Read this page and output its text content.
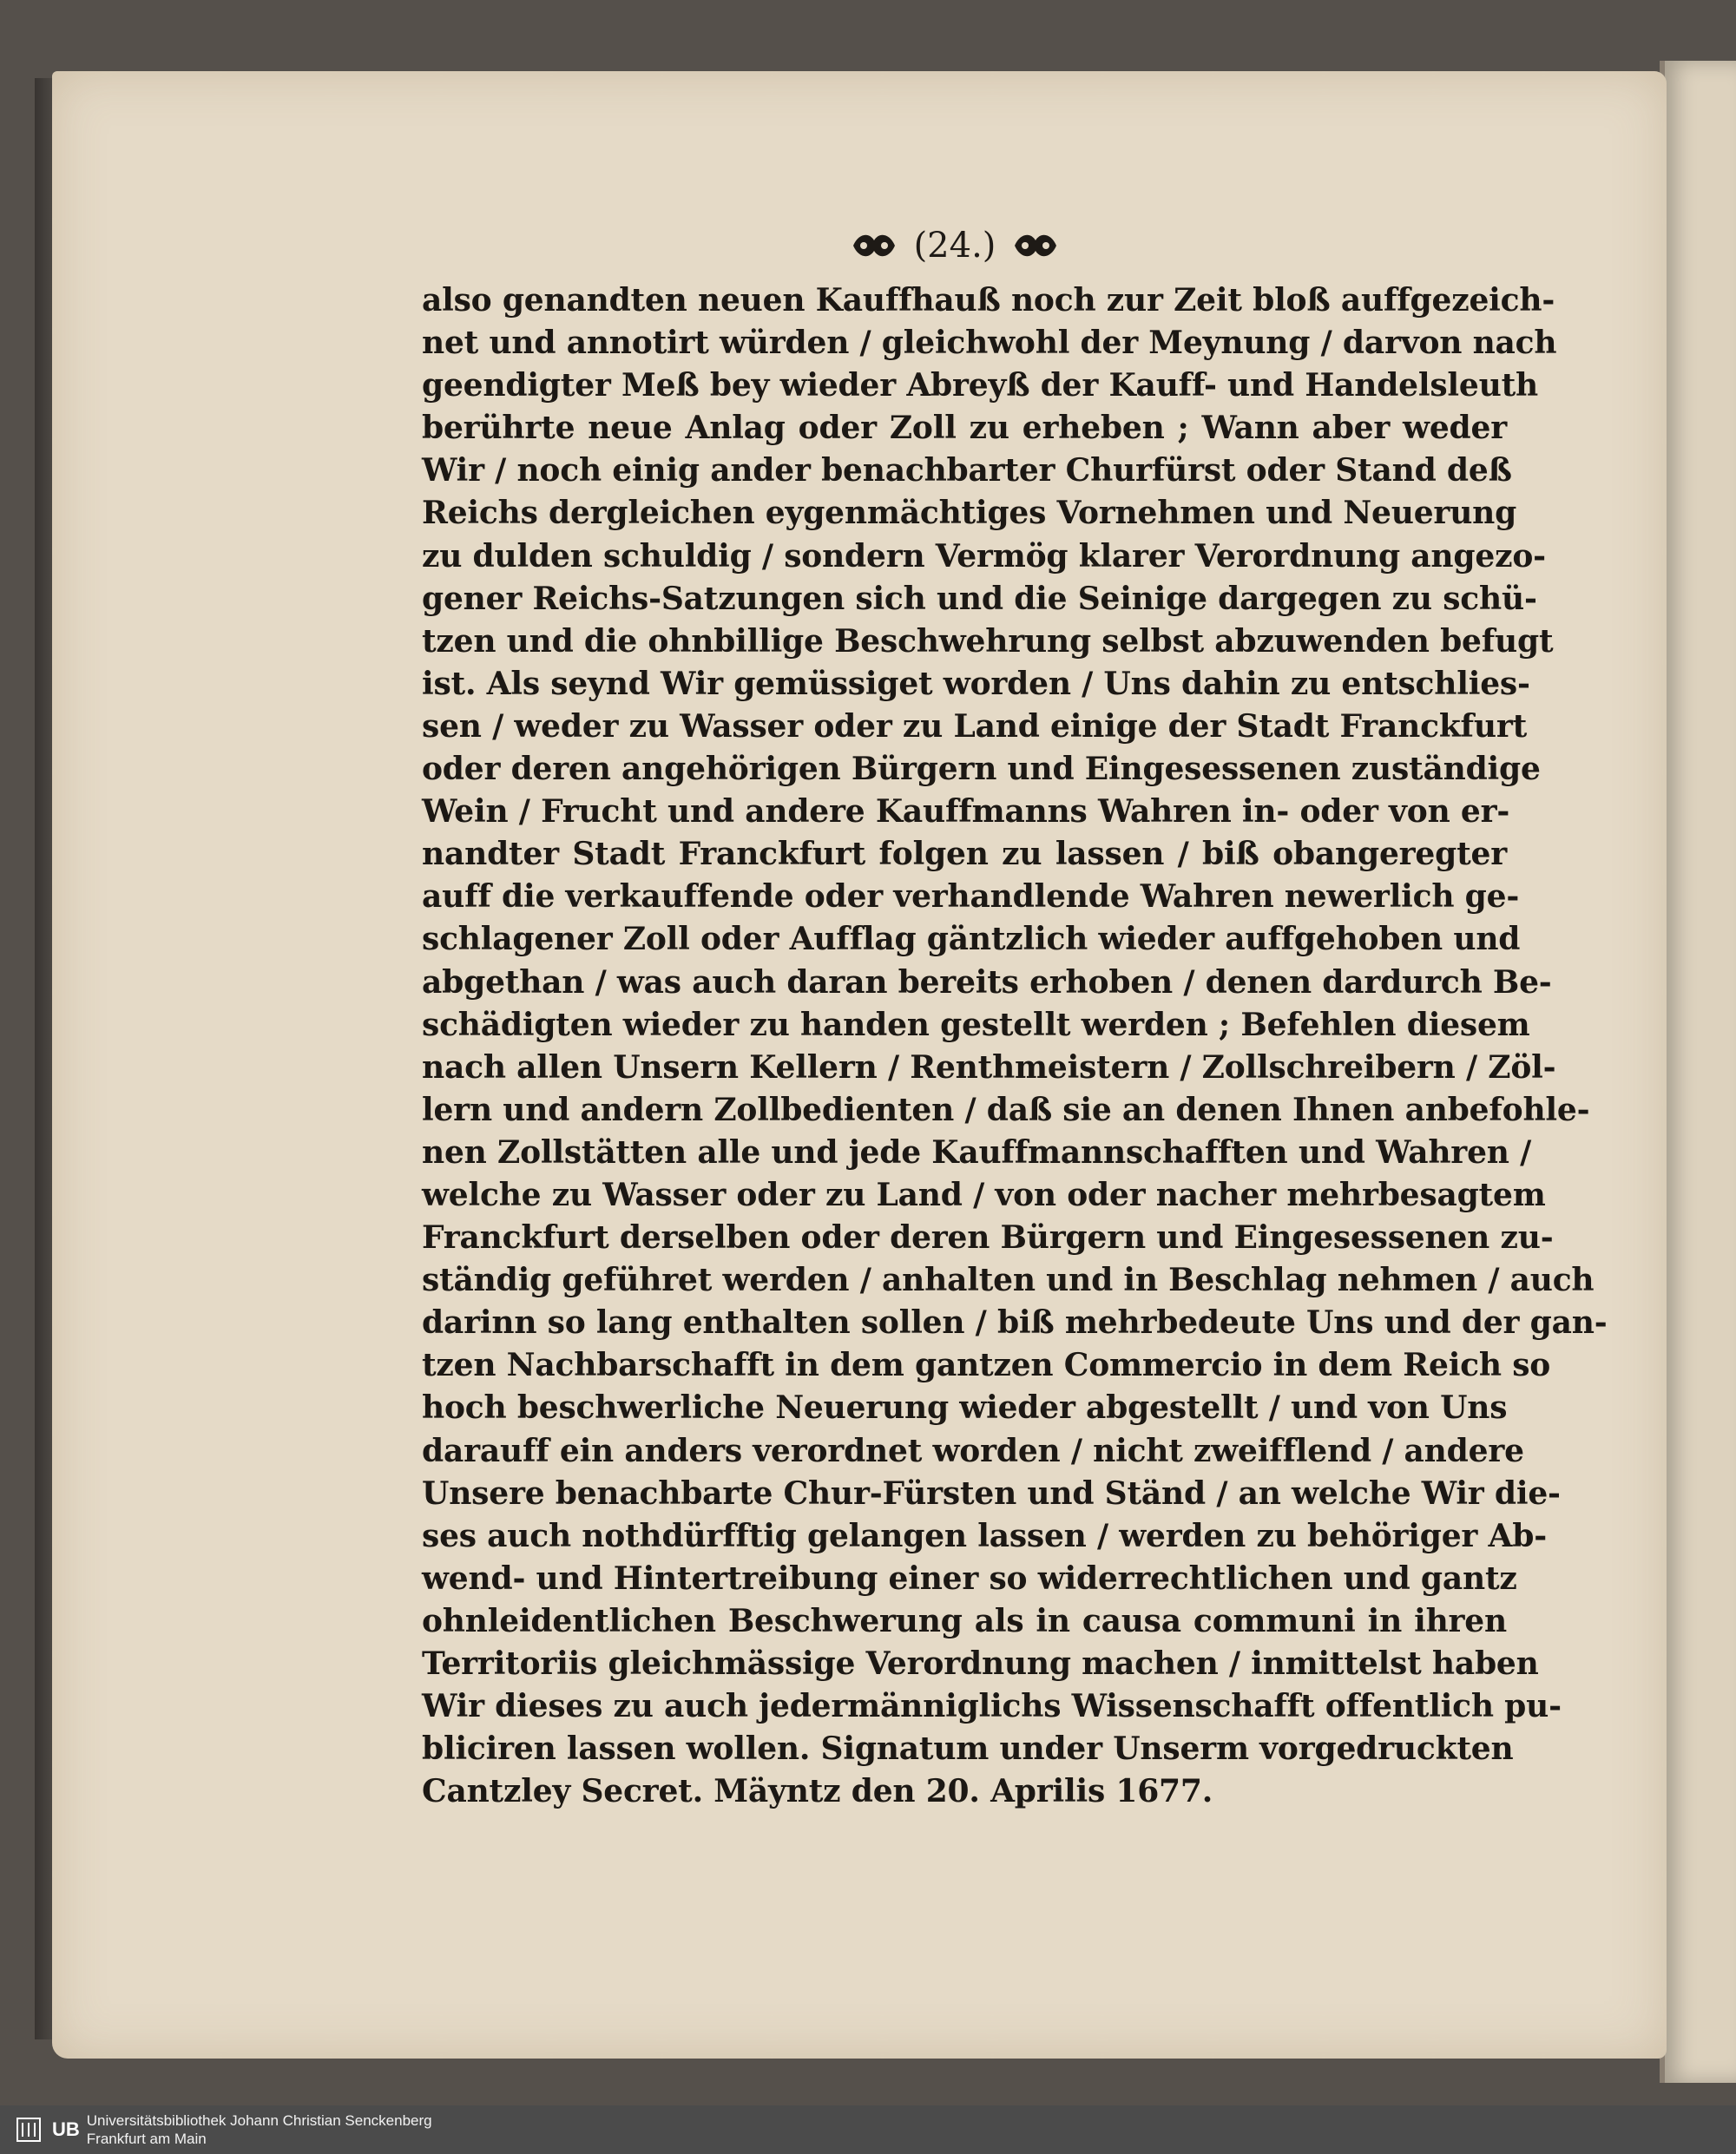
(24.)
also genandten neuen Kauffhauß noch zur Zeit bloß auffgezeich-
net und annotirt würden / gleichwohl der Meynung / darvon nach
geendigter Meß bey wieder Abreyß der Kauff- und Handelsleuth
berührte neue Anlag oder Zoll zu erheben ; Wann aber weder
Wir / noch einig ander benachbarter Churfürst oder Stand deß
Reichs dergleichen eygenmächtiges Vornehmen und Neuerung
zu dulden schuldig / sondern Vermög klarer Verordnung angezo-
gener Reichs-Satzungen sich und die Seinige dargegen zu schü-
tzen und die ohnbillige Beschwehrung selbst abzuwenden befugt
ist. Als seynd Wir gemüssiget worden / Uns dahin zu entschlies-
sen / weder zu Wasser oder zu Land einige der Stadt Franckfurt
oder deren angehörigen Bürgern und Eingesessenen zuständige
Wein / Frucht und andere Kauffmanns Wahren in- oder von er-
nandter Stadt Franckfurt folgen zu lassen / biß obangeregter
auff die verkauffende oder verhandlende Wahren newerlich ge-
schlagener Zoll oder Aufflag gäntzlich wieder auffgehoben und
abgethan / was auch daran bereits erhoben / denen dardurch Be-
schädigten wieder zu handen gestellt werden ; Befehlen diesem
nach allen Unsern Kellern / Renthmeistern / Zollschreibern / Zöl-
lern und andern Zollbedienten / daß sie an denen Ihnen anbefohle-
nen Zollstätten alle und jede Kauffmannschafften und Wahren /
welche zu Wasser oder zu Land / von oder nacher mehrbesagtem
Franckfurt derselben oder deren Bürgern und Eingesessenen zu-
ständig geführet werden / anhalten und in Beschlag nehmen / auch
darinn so lang enthalten sollen / biß mehrbedeute Uns und der gan-
tzen Nachbarschafft in dem gantzen Commercio in dem Reich so
hoch beschwerliche Neuerung wieder abgestellt / und von Uns
darauff ein anders verordnet worden / nicht zweifflend / andere
Unsere benachbarte Chur-Fürsten und Ständ / an welche Wir die-
ses auch nothdürfftig gelangen lassen / werden zu behöriger Ab-
wend- und Hintertreibung einer so widerrechtlichen und gantz
ohnleidentlichen Beschwerung als in causa communi in ihren
Territoriis gleichmässige Verordnung machen / inmittelst haben
Wir dieses zu auch jedermänniglichs Wissenschafft offentlich pu-
bliciren lassen wollen. Signatum under Unserm vorgedruckten
Cantzley Secret. Mäyntz den 20. Aprilis 1677.
UB Universitätsbibliothek Johann Christian Senckenberg
Frankfurt am Main
